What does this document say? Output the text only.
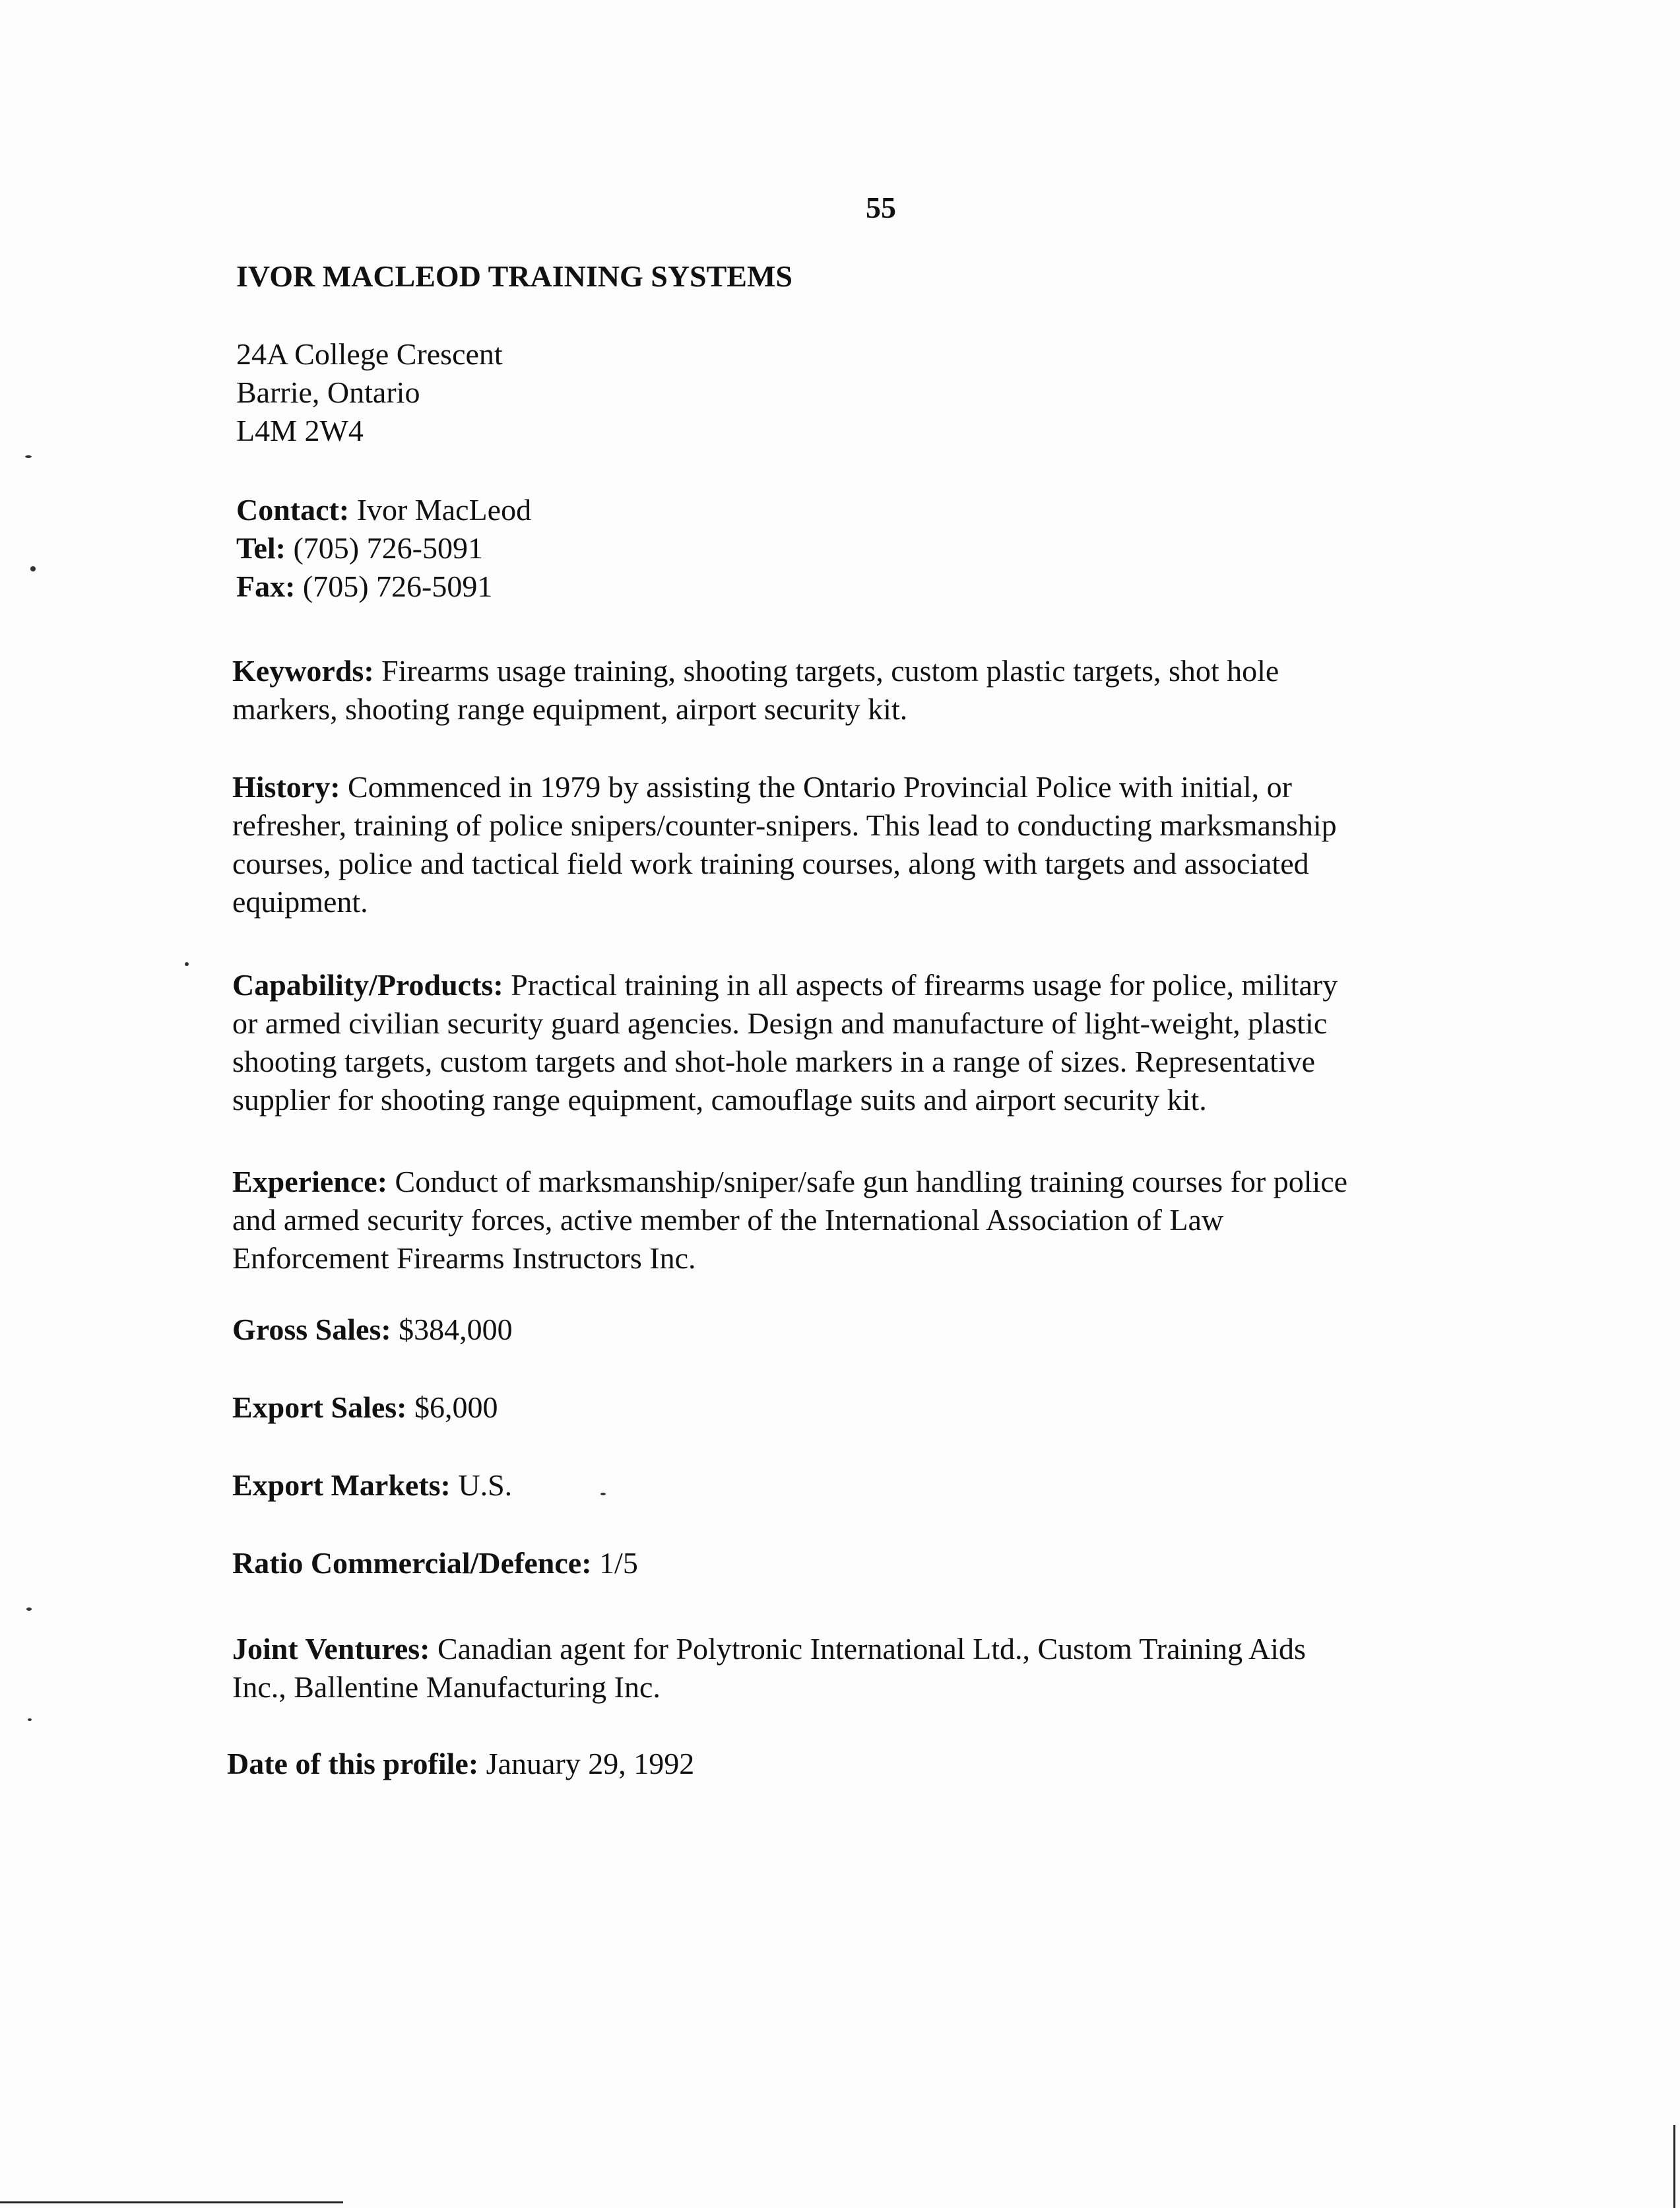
55
IVOR MACLEOD TRAINING SYSTEMS
24A College Crescent
Barrie, Ontario
L4M 2W4
Contact: Ivor MacLeod
Tel: (705) 726-5091
Fax: (705) 726-5091
Keywords: Firearms usage training, shooting targets, custom plastic targets, shot hole
markers, shooting range equipment, airport security kit.
History: Commenced in 1979 by assisting the Ontario Provincial Police with initial, or
refresher, training of police snipers/counter-snipers. This lead to conducting marksmanship
courses, police and tactical field work training courses, along with targets and associated
equipment.
Capability/Products: Practical training in all aspects of firearms usage for police, military
or armed civilian security guard agencies. Design and manufacture of light-weight, plastic
shooting targets, custom targets and shot-hole markers in a range of sizes. Representative
supplier for shooting range equipment, camouflage suits and airport security kit.
Experience: Conduct of marksmanship/sniper/safe gun handling training courses for police
and armed security forces, active member of the International Association of Law
Enforcement Firearms Instructors Inc.
Gross Sales: $384,000
Export Sales: $6,000
Export Markets: U.S.
Ratio Commercial/Defence: 1/5
Joint Ventures: Canadian agent for Polytronic International Ltd., Custom Training Aids
Inc., Ballentine Manufacturing Inc.
Date of this profile: January 29, 1992
